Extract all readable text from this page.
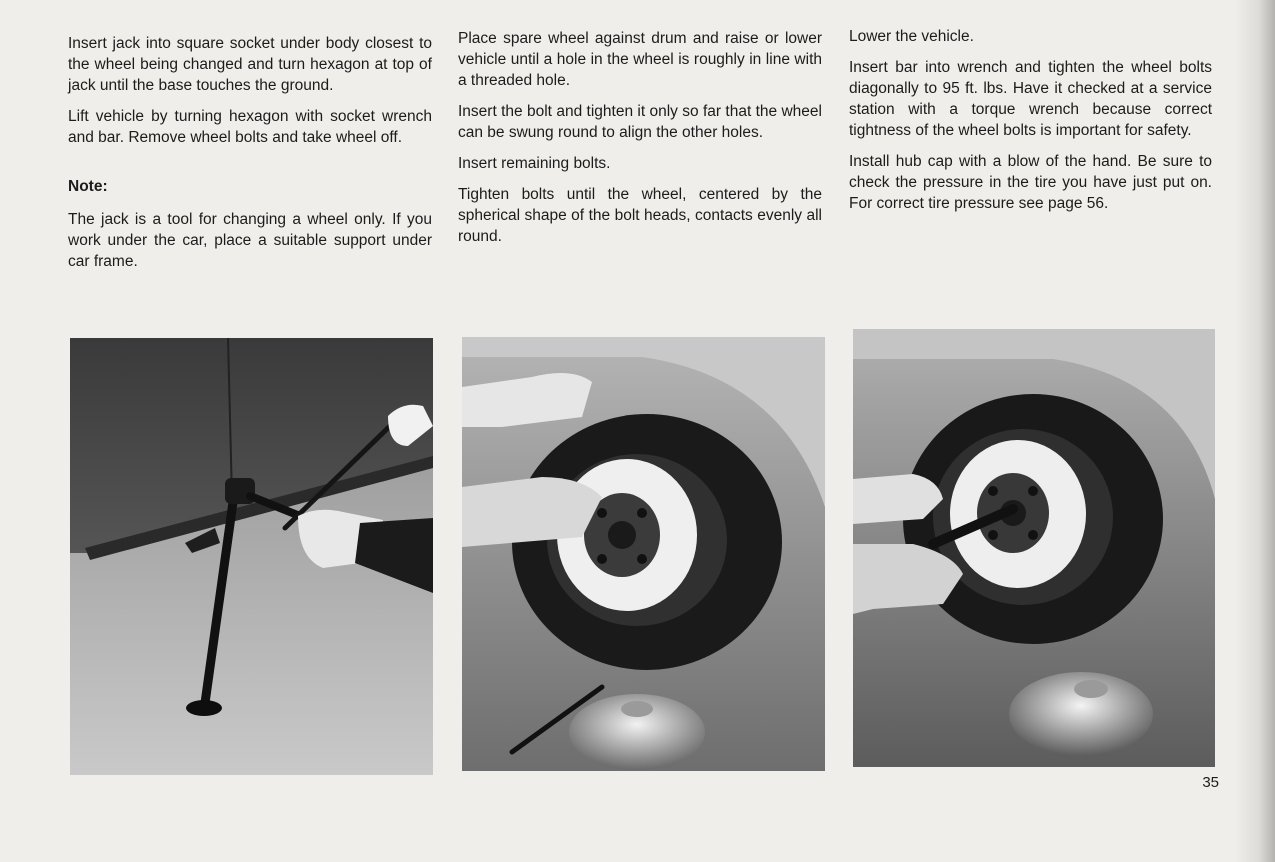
Insert jack into square socket under body closest to the wheel being changed and turn hexagon at top of jack until the base touches the ground.

Lift vehicle by turning hexagon with socket wrench and bar. Remove wheel bolts and take wheel off.

Note:

The jack is a tool for changing a wheel only. If you work under the car, place a suitable support under car frame.

Place spare wheel against drum and raise or lower vehicle until a hole in the wheel is roughly in line with a threaded hole.

Insert the bolt and tighten it only so far that the wheel can be swung round to align the other holes.

Insert remaining bolts.

Tighten bolts until the wheel, centered by the spherical shape of the bolt heads, contacts evenly all round.

Lower the vehicle.

Insert bar into wrench and tighten the wheel bolts diagonally to 95 ft. lbs. Have it checked at a service station with a torque wrench because correct tightness of the wheel bolts is important for safety.

Install hub cap with a blow of the hand. Be sure to check the pressure in the tire you have just put on. For correct tire pressure see page 56.

35
